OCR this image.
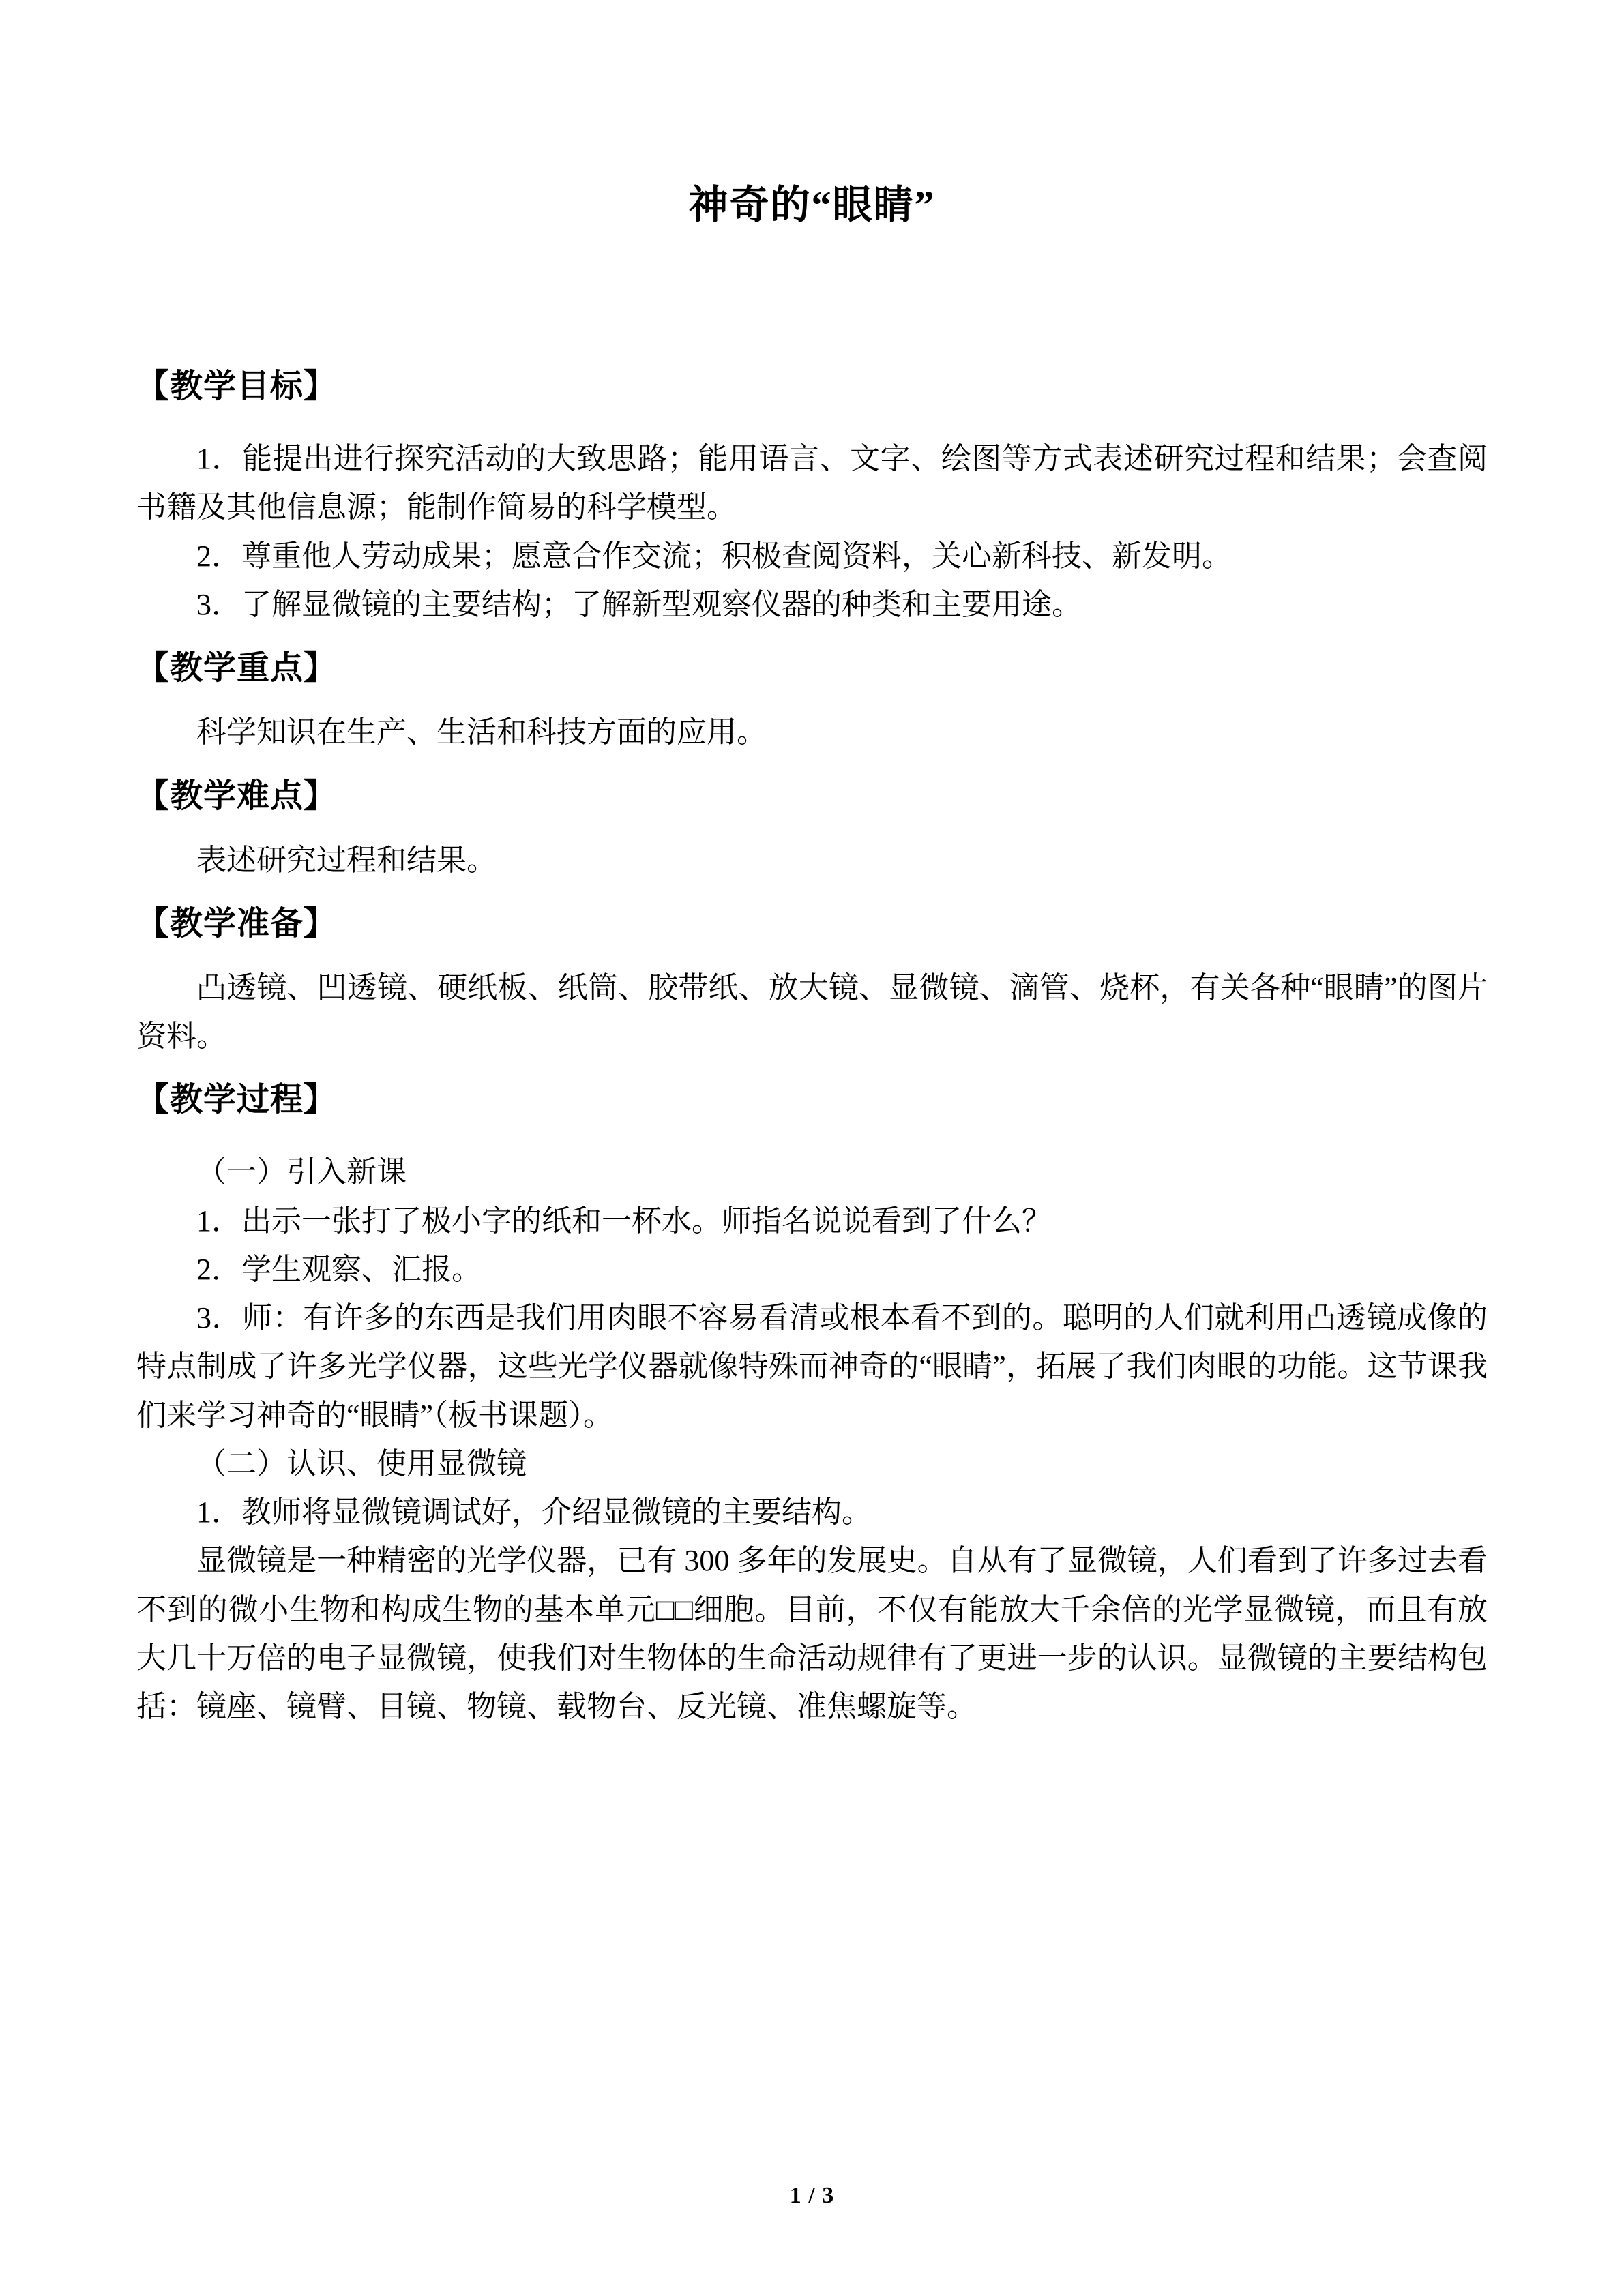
神奇的“眼睛”
【教学目标】

1．能提出进行探究活动的大致思路；能用语言、文字、绘图等方式表述研究过程和结果；会查阅书籍及其他信息源；能制作简易的科学模型。

2．尊重他人劳动成果；愿意合作交流；积极查阅资料，关心新科技、新发明。

3．了解显微镜的主要结构；了解新型观察仪器的种类和主要用途。

【教学重点】

科学知识在生产、生活和科技方面的应用。

【教学难点】

表述研究过程和结果。

【教学准备】

凸透镜、凹透镜、硬纸板、纸筒、胶带纸、放大镜、显微镜、滴管、烧杯，有关各种“眼睛”的图片资料。

【教学过程】

（一）引入新课

1．出示一张打了极小字的纸和一杯水。师指名说说看到了什么？

2．学生观察、汇报。

3．师：有许多的东西是我们用肉眼不容易看清或根本看不到的。聪明的人们就利用凸透镜成像的特点制成了许多光学仪器，这些光学仪器就像特殊而神奇的“眼睛”，拓展了我们肉眼的功能。这节课我们来学习神奇的“眼睛”（板书课题）。

（二）认识、使用显微镜

1．教师将显微镜调试好，介绍显微镜的主要结构。

显微镜是一种精密的光学仪器，已有 300 多年的发展史。自从有了显微镜，人们看到了许多过去看不到的微小生物和构成生物的基本单元□□细胞。目前，不仅有能放大千余倍的光学显微镜，而且有放大几十万倍的电子显微镜，使我们对生物体的生命活动规律有了更进一步的认识。显微镜的主要结构包括：镜座、镜臂、目镜、物镜、载物台、反光镜、准焦螺旋等。

1 / 3
